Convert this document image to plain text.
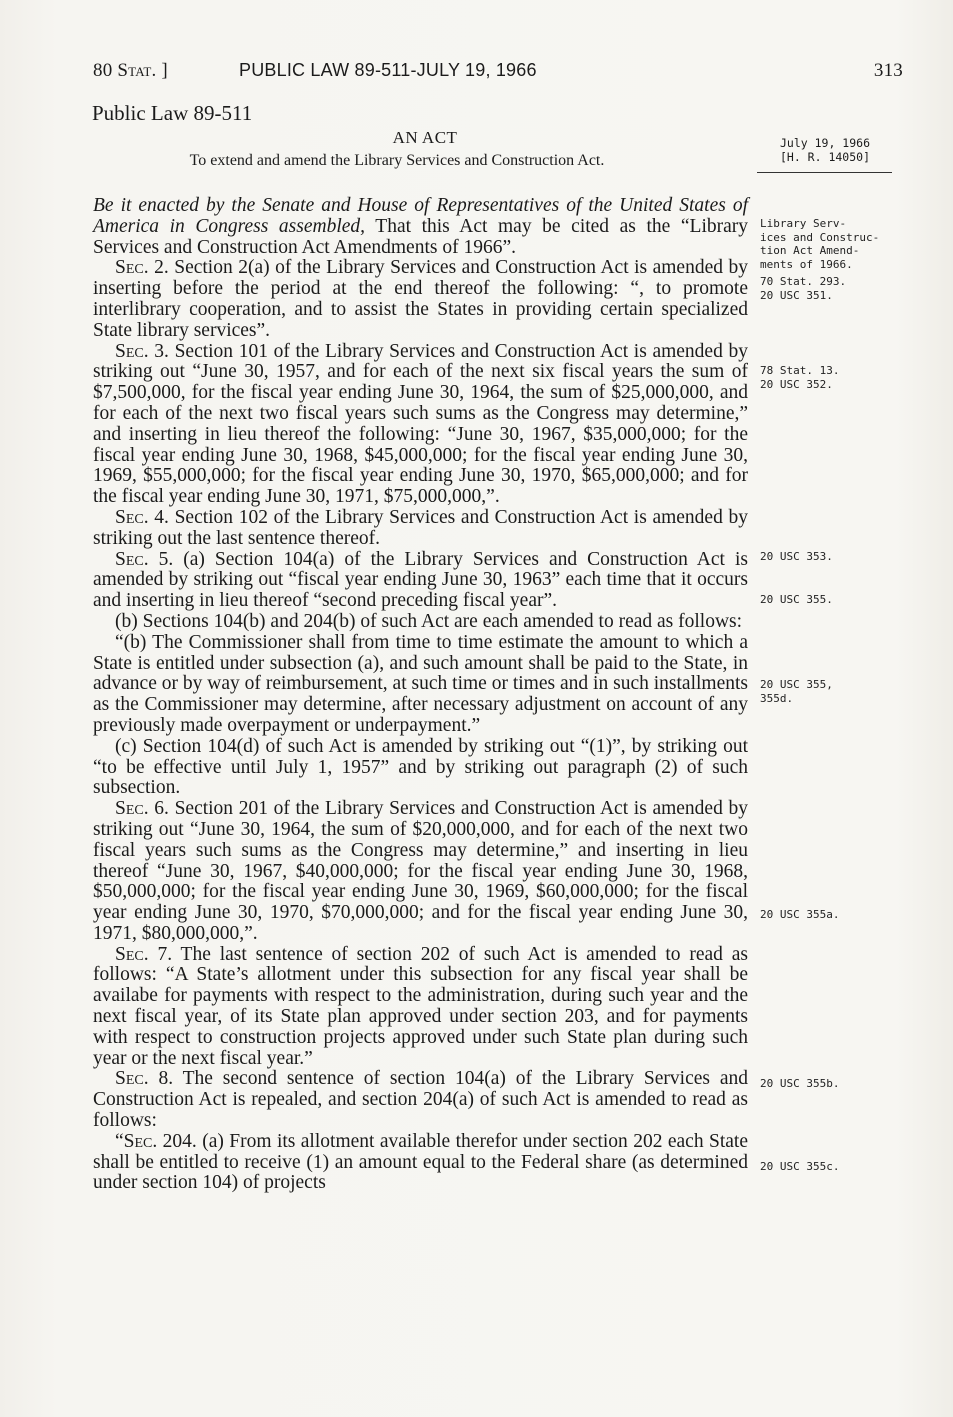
80 Stat. ]	PUBLIC LAW 89-511-JULY 19, 1966	313
Public Law 89-511
AN ACT
To extend and amend the Library Services and Construction Act.
July 19, 1966
[H. R. 14050]

Be it enacted by the Senate and House of Representatives of the United States of America in Congress assembled, That this Act may be cited as the “Library Services and Construction Act Amendments of 1966”.

Sec. 2. Section 2(a) of the Library Services and Construction Act is amended by inserting before the period at the end thereof the following: “, to promote interlibrary cooperation, and to assist the States in providing certain specialized State library services”.

Sec. 3. Section 101 of the Library Services and Construction Act is amended by striking out “June 30, 1957, and for each of the next six fiscal years the sum of $7,500,000, for the fiscal year ending June 30, 1964, the sum of $25,000,000, and for each of the next two fiscal years such sums as the Congress may determine,” and inserting in lieu thereof the following: “June 30, 1967, $35,000,000; for the fiscal year ending June 30, 1968, $45,000,000; for the fiscal year ending June 30, 1969, $55,000,000; for the fiscal year ending June 30, 1970, $65,000,000; and for the fiscal year ending June 30, 1971, $75,000,000,”.

Sec. 4. Section 102 of the Library Services and Construction Act is amended by striking out the last sentence thereof.

Sec. 5. (a) Section 104(a) of the Library Services and Construction Act is amended by striking out “fiscal year ending June 30, 1963” each time that it occurs and inserting in lieu thereof “second preceding fiscal year”.

(b) Sections 104(b) and 204(b) of such Act are each amended to read as follows:

“(b) The Commissioner shall from time to time estimate the amount to which a State is entitled under subsection (a), and such amount shall be paid to the State, in advance or by way of reimbursement, at such time or times and in such installments as the Commissioner may determine, after necessary adjustment on account of any previously made overpayment or underpayment.”

(c) Section 104(d) of such Act is amended by striking out “(1)”, by striking out “to be effective until July 1, 1957” and by striking out paragraph (2) of such subsection.

Sec. 6. Section 201 of the Library Services and Construction Act is amended by striking out “June 30, 1964, the sum of $20,000,000, and for each of the next two fiscal years such sums as the Congress may determine,” and inserting in lieu thereof “June 30, 1967, $40,000,000; for the fiscal year ending June 30, 1968, $50,000,000; for the fiscal year ending June 30, 1969, $60,000,000; for the fiscal year ending June 30, 1970, $70,000,000; and for the fiscal year ending June 30, 1971, $80,000,000,”.

Sec. 7. The last sentence of section 202 of such Act is amended to read as follows: “A State’s allotment under this subsection for any fiscal year shall be availabe for payments with respect to the administration, during such year and the next fiscal year, of its State plan approved under section 203, and for payments with respect to construction projects approved under such State plan during such year or the next fiscal year.”

Sec. 8. The second sentence of section 104(a) of the Library Services and Construction Act is repealed, and section 204(a) of such Act is amended to read as follows:

“Sec. 204. (a) From its allotment available therefor under section 202 each State shall be entitled to receive (1) an amount equal to the Federal share (as determined under section 104) of projects

Library Serv-
ices and Construc-
tion Act Amend-
ments of 1966.
70 Stat. 293.
20 USC 351.
78 Stat. 13.
20 USC 352.
20 USC 353.
20 USC 355.
20 USC 355,
355d.
20 USC 355a.
20 USC 355b.
20 USC 355c.
